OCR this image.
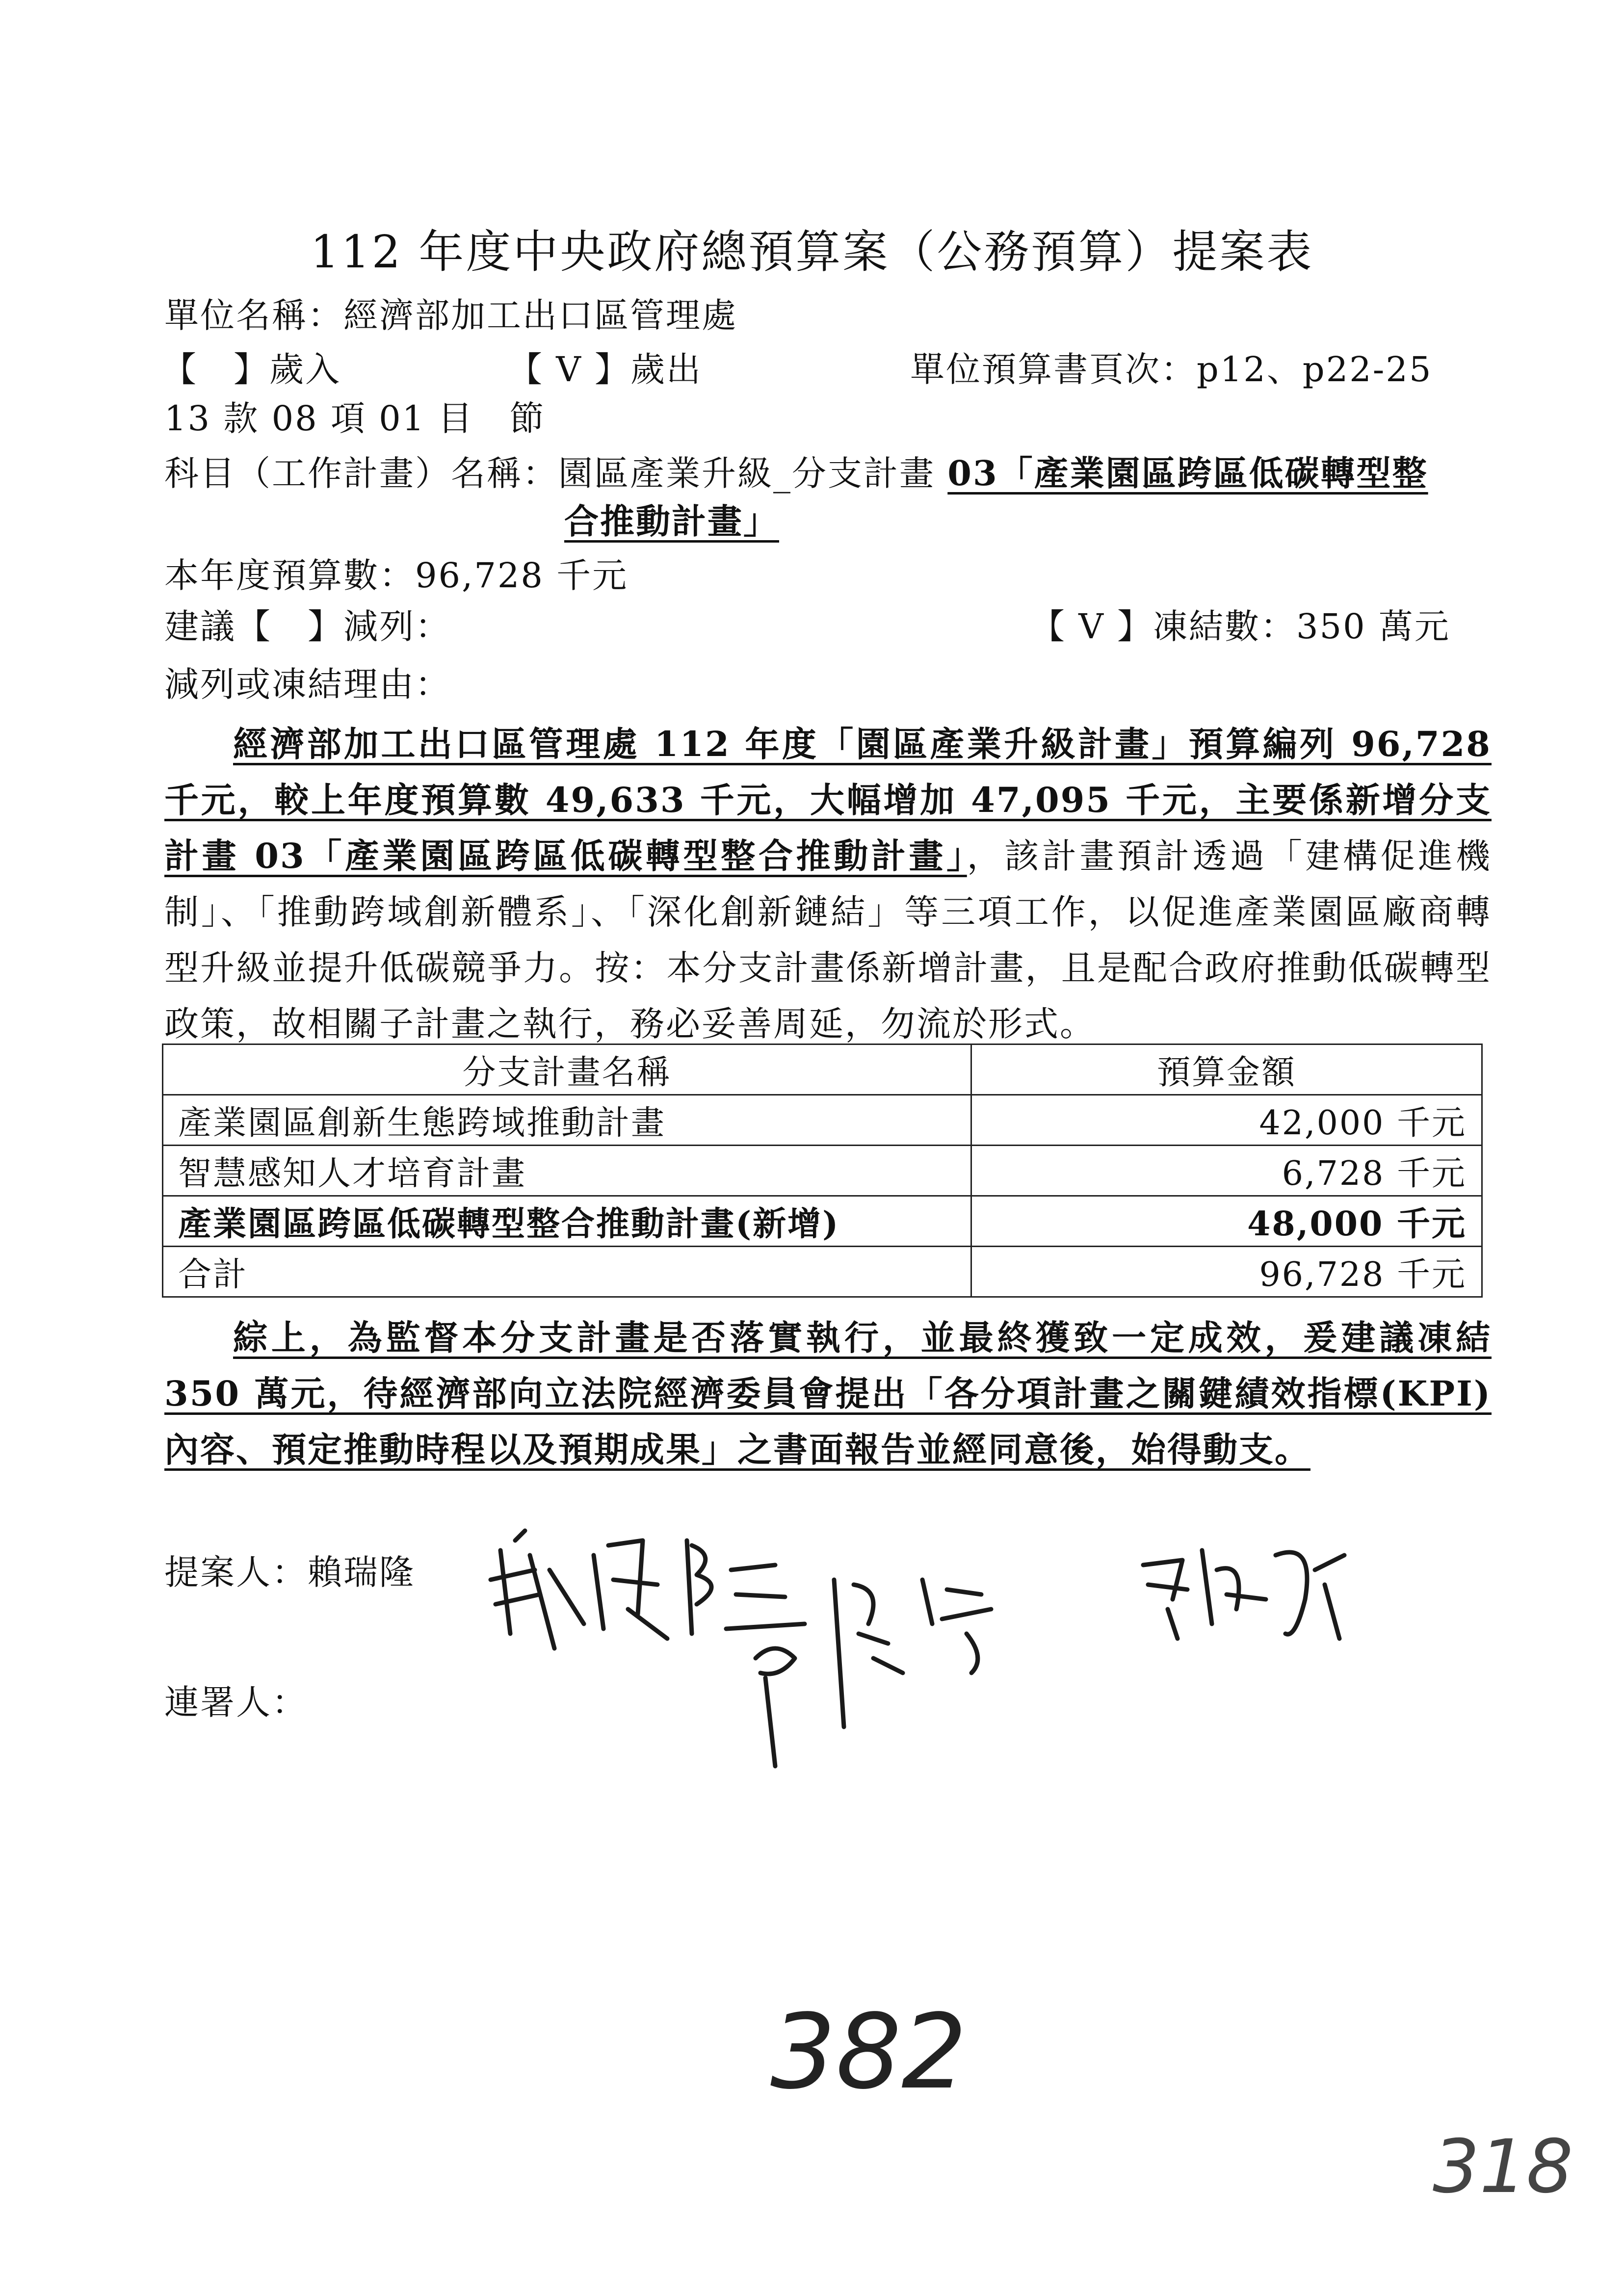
112 年度中央政府總預算案（公務預算）提案表
單位名稱：經濟部加工出口區管理處
【　】歲入	【 V 】歲出	單位預算書頁次：p12、p22-25
13 款 08 項 01 目　節
科目（工作計畫）名稱：園區產業升級_分支計畫 03「產業園區跨區低碳轉型整
合推動計畫」
本年度預算數：96,728 千元
建議【　】減列：	【 V 】凍結數：350 萬元
減列或凍結理由：
經濟部加工出口區管理處 112 年度「園區產業升級計畫」預算編列 96,728 千元，較上年度預算數 49,633 千元，大幅增加 47,095 千元，主要係新增分支計畫 03「產業園區跨區低碳轉型整合推動計畫」，該計畫預計透過「建構促進機制」、「推動跨域創新體系」、「深化創新鏈結」等三項工作，以促進產業園區廠商轉型升級並提升低碳競爭力。按：本分支計畫係新增計畫，且是配合政府推動低碳轉型政策，故相關子計畫之執行，務必妥善周延，勿流於形式。
分支計畫名稱	預算金額
產業園區創新生態跨域推動計畫	42,000 千元
智慧感知人才培育計畫	6,728 千元
產業園區跨區低碳轉型整合推動計畫(新增)	48,000 千元
合計	96,728 千元
綜上，為監督本分支計畫是否落實執行，並最終獲致一定成效，爰建議凍結 350 萬元，待經濟部向立法院經濟委員會提出「各分項計畫之關鍵績效指標(KPI)內容、預定推動時程以及預期成果」之書面報告並經同意後，始得動支。
提案人：賴瑞隆
連署人：
382
318
